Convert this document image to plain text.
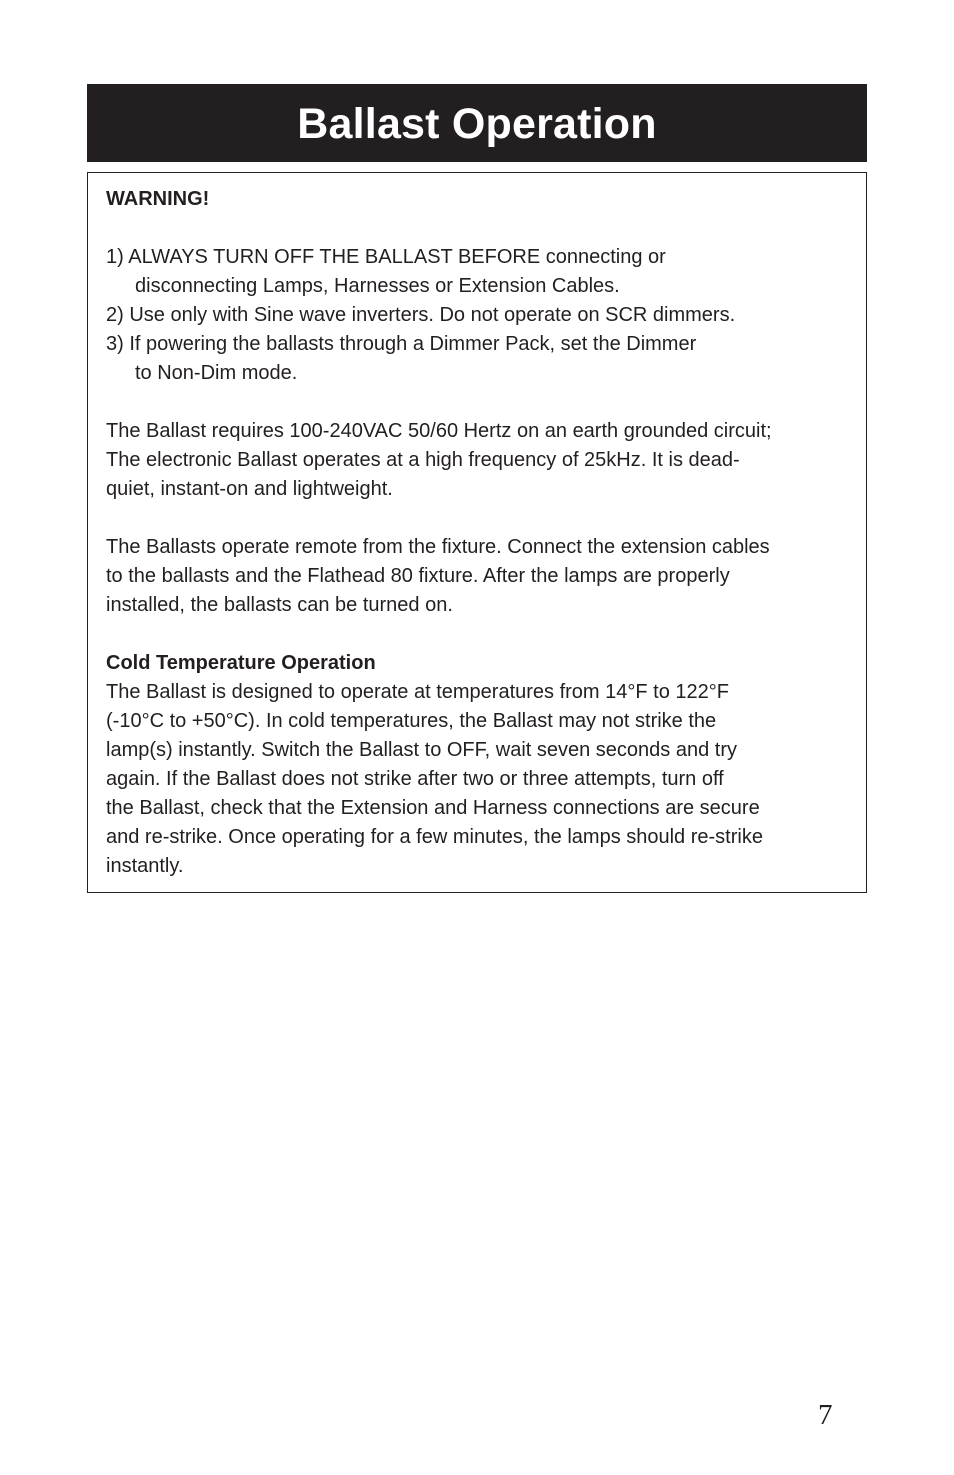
Ballast Operation
WARNING!
1) ALWAYS TURN OFF THE BALLAST BEFORE connecting or
disconnecting Lamps, Harnesses or Extension Cables.
2) Use only with Sine wave inverters. Do not operate on SCR dimmers.
3) If powering the ballasts through a Dimmer Pack, set the Dimmer
to Non-Dim mode.
The Ballast requires 100-240VAC 50/60 Hertz on an earth grounded circuit;
The electronic Ballast operates at a high frequency of 25kHz. It is dead-
quiet, instant-on and lightweight.
The Ballasts operate remote from the fixture. Connect the extension cables
to the ballasts and the Flathead 80 fixture. After the lamps are properly
installed, the ballasts can be turned on.
Cold Temperature Operation
The Ballast is designed to operate at temperatures from 14°F to 122°F
(-10°C to +50°C). In cold temperatures, the Ballast may not strike the
lamp(s) instantly. Switch the Ballast to OFF, wait seven seconds and try
again. If the Ballast does not strike after two or three attempts, turn off
the Ballast, check that the Extension and Harness connections are secure
and re-strike. Once operating for a few minutes, the lamps should re-strike
instantly.
7
